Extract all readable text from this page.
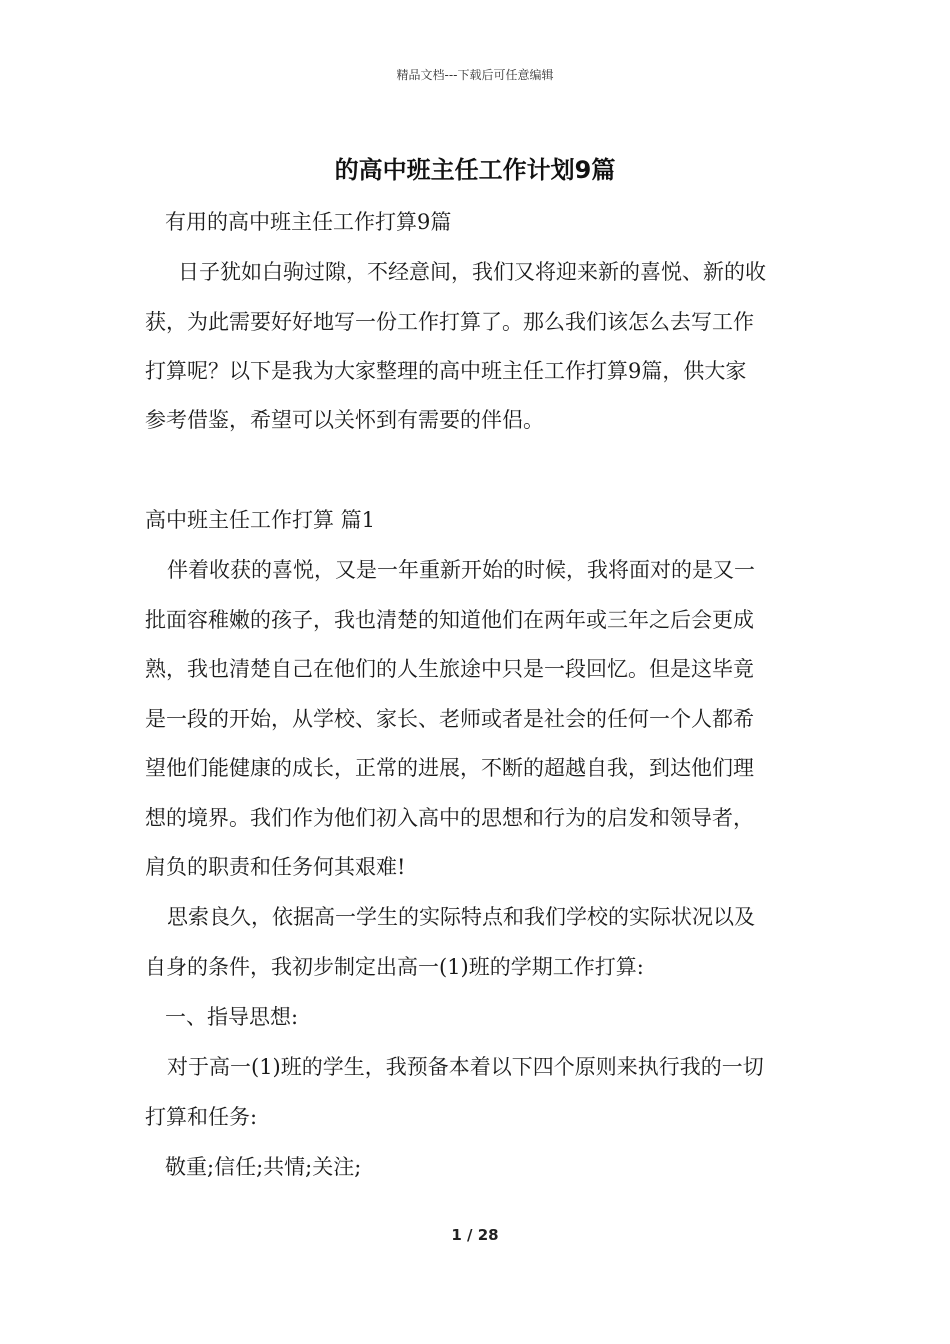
精品文档---下载后可任意编辑
的高中班主任工作计划9篇
有用的高中班主任工作打算9篇
日子犹如白驹过隙，不经意间，我们又将迎来新的喜悦、新的收
获，为此需要好好地写一份工作打算了。那么我们该怎么去写工作
打算呢？以下是我为大家整理的高中班主任工作打算9篇，供大家
参考借鉴，希望可以关怀到有需要的伴侣。
高中班主任工作打算 篇1
伴着收获的喜悦，又是一年重新开始的时候，我将面对的是又一
批面容稚嫩的孩子，我也清楚的知道他们在两年或三年之后会更成
熟，我也清楚自己在他们的人生旅途中只是一段回忆。但是这毕竟
是一段的开始，从学校、家长、老师或者是社会的任何一个人都希
望他们能健康的成长，正常的进展，不断的超越自我，到达他们理
想的境界。我们作为他们初入高中的思想和行为的启发和领导者，
肩负的职责和任务何其艰难!
思索良久，依据高一学生的实际特点和我们学校的实际状况以及
自身的条件，我初步制定出高一(1)班的学期工作打算:
一、指导思想:
对于高一(1)班的学生，我预备本着以下四个原则来执行我的一切
打算和任务:
敬重;信任;共情;关注;
1 / 28
